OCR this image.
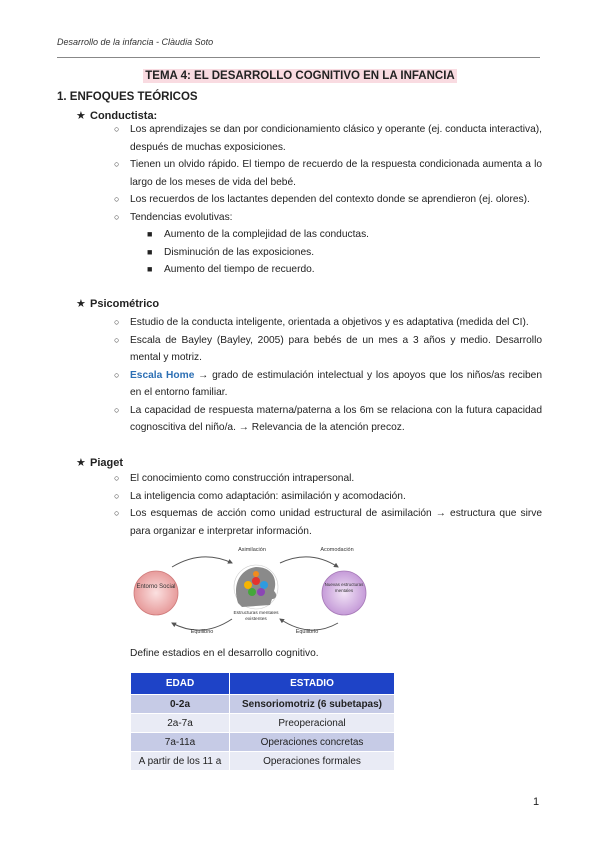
Desarrollo de la infancia - Clàudia Soto
TEMA 4: EL DESARROLLO COGNITIVO EN LA INFANCIA
1. ENFOQUES TEÓRICOS
★ Conductista:
○ Los aprendizajes se dan por condicionamiento clásico y operante (ej. conducta interactiva), después de muchas exposiciones.
○ Tienen un olvido rápido. El tiempo de recuerdo de la respuesta condicionada aumenta a lo largo de los meses de vida del bebé.
○ Los recuerdos de los lactantes dependen del contexto donde se aprendieron (ej. olores).
○ Tendencias evolutivas:
■ Aumento de la complejidad de las conductas.
■ Disminución de las exposiciones.
■ Aumento del tiempo de recuerdo.
★ Psicométrico
○ Estudio de la conducta inteligente, orientada a objetivos y es adaptativa (medida del CI).
○ Escala de Bayley (Bayley, 2005) para bebés de un mes a 3 años y medio. Desarrollo mental y motriz.
○ Escala Home → grado de estimulación intelectual y los apoyos que los niños/as reciben en el entorno familiar.
○ La capacidad de respuesta materna/paterna a los 6m se relaciona con la futura capacidad cognoscitiva del niño/a. → Relevancia de la atención precoz.
★ Piaget
○ El conocimiento como construcción intrapersonal.
○ La inteligencia como adaptación: asimilación y acomodación.
○ Los esquemas de acción como unidad estructural de asimilación → estructura que sirve para organizar e interpretar información.
Asimilación	Acomodación
Equilibrio	Equilibrio
Entorno Social	Nuevas estructuras mentales
Estructuras mentales existentes
Define estadios en el desarrollo cognitivo.
EDAD	ESTADIO
0-2a	Sensoriomotriz (6 subetapas)
2a-7a	Preoperacional
7a-11a	Operaciones concretas
A partir de los 11 a	Operaciones formales
1
